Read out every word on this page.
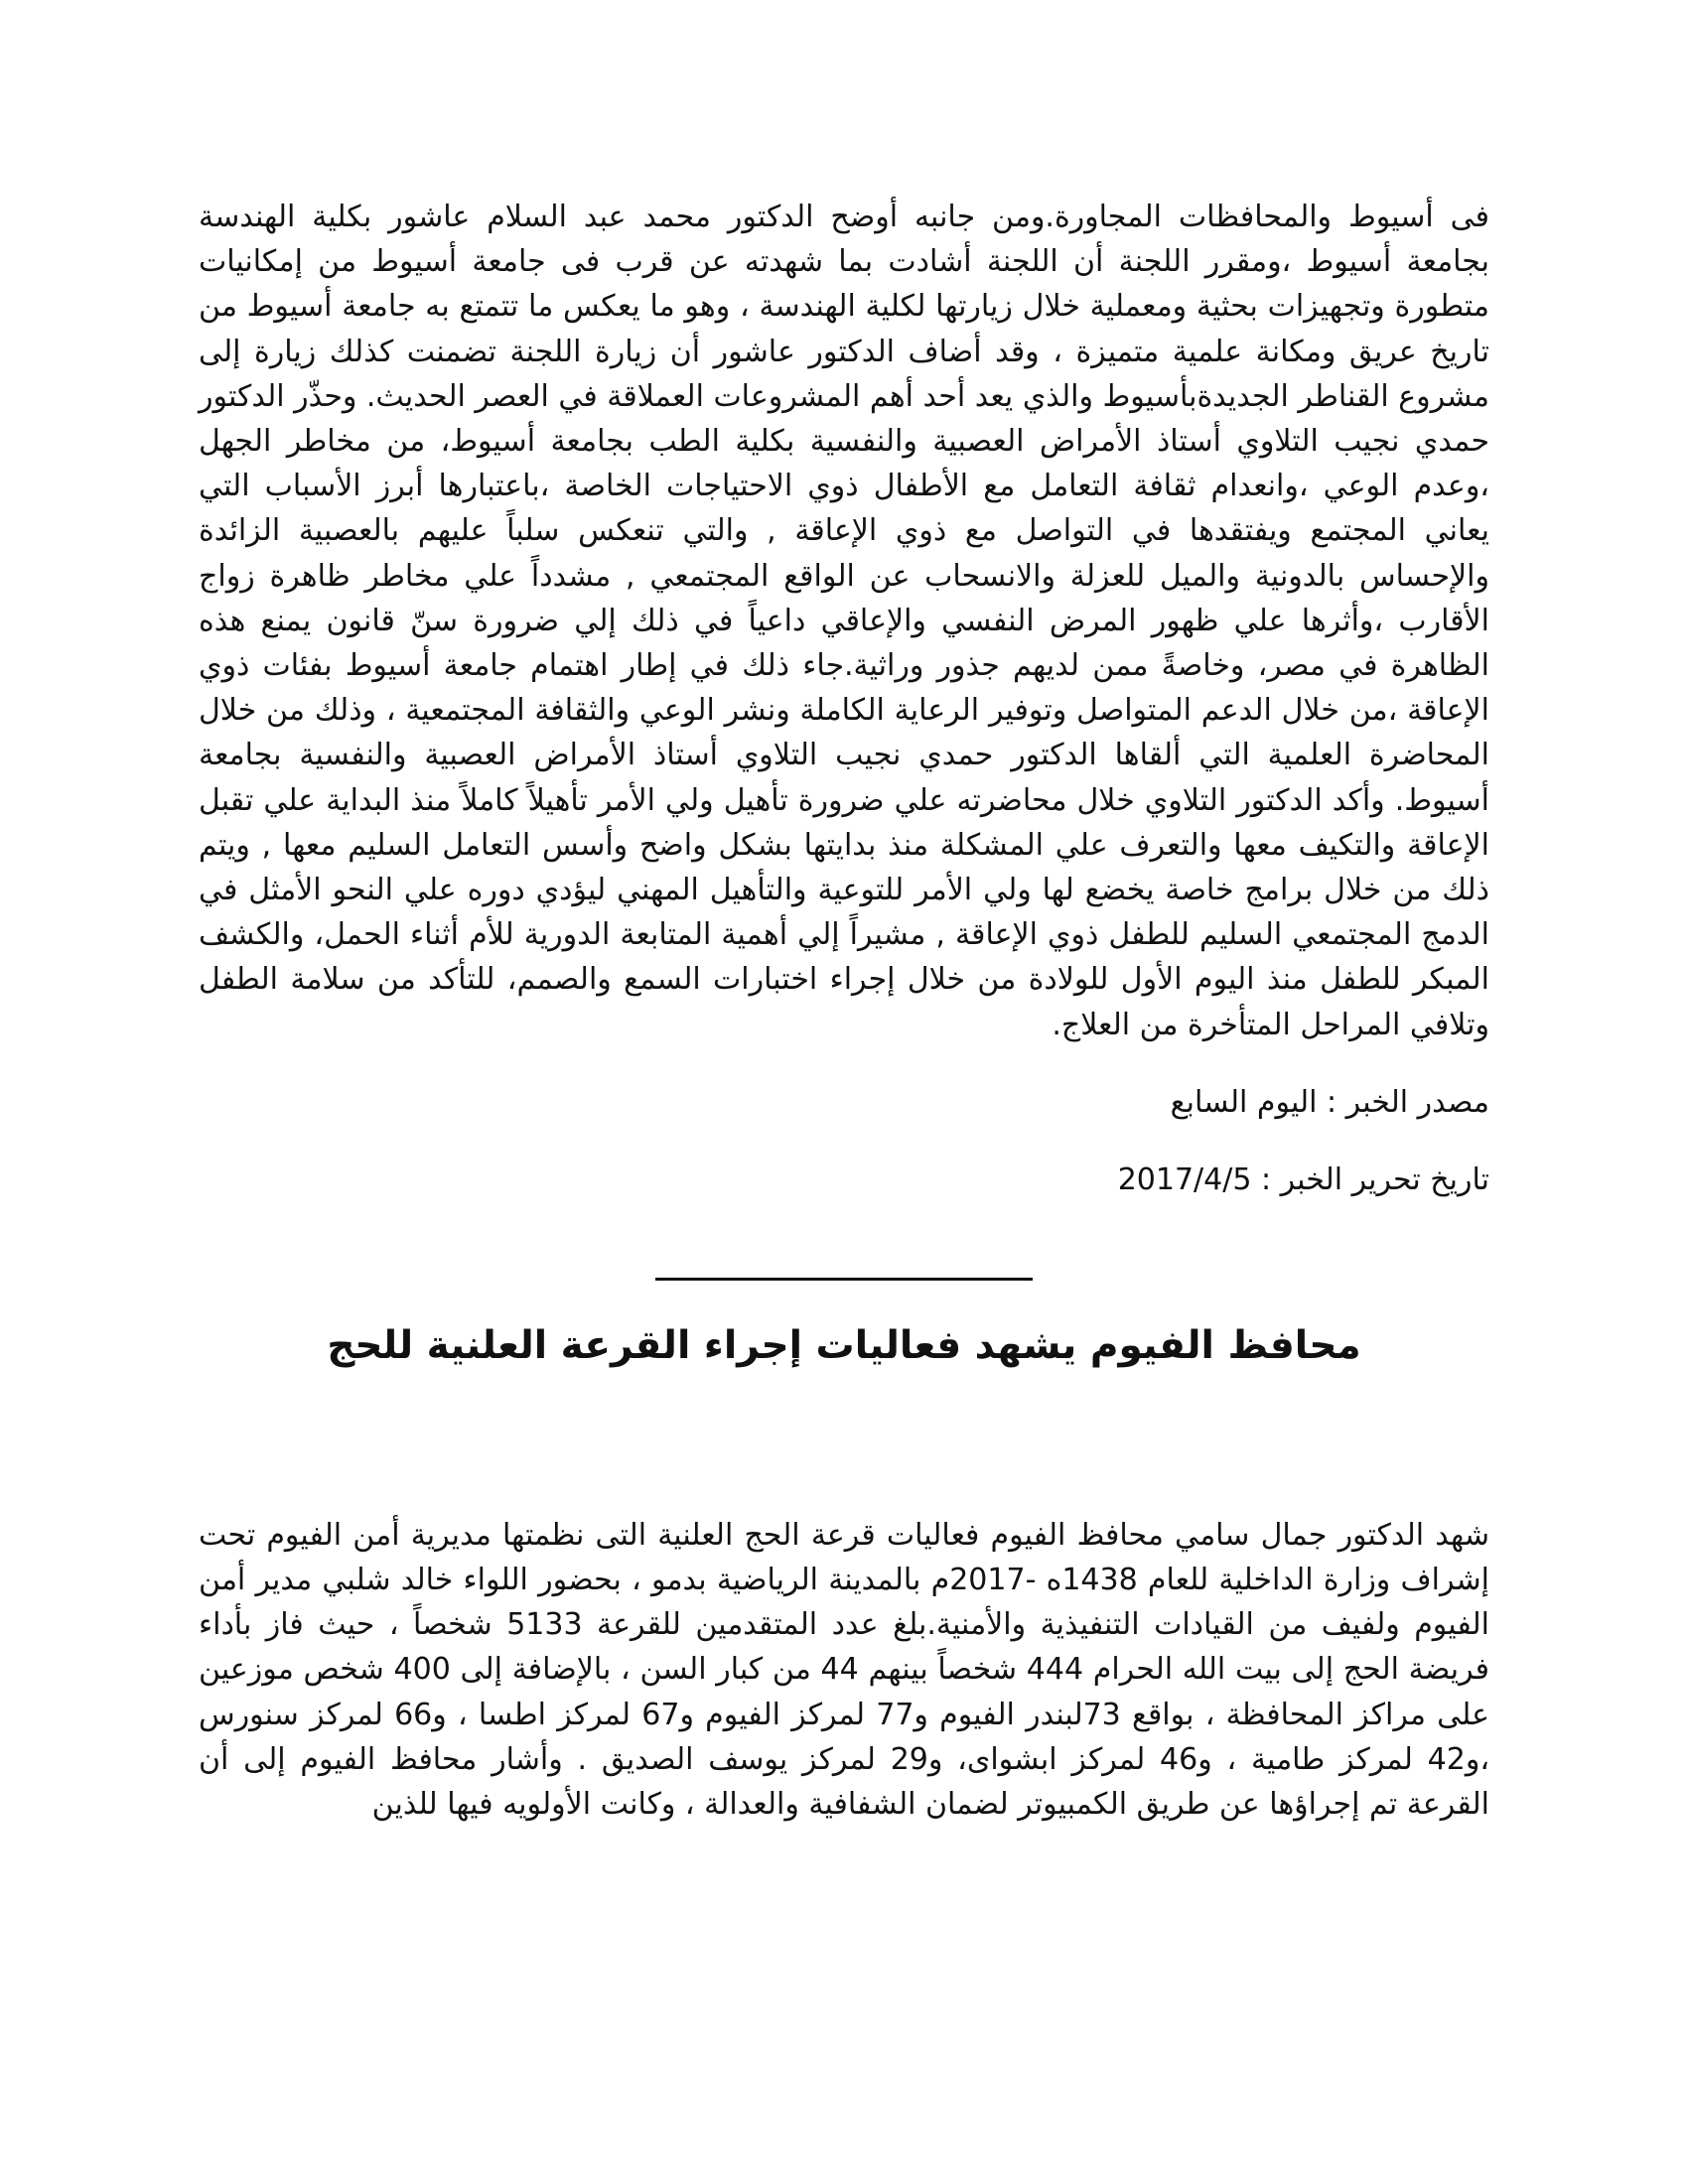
فى أسيوط والمحافظات المجاورة.ومن جانبه أوضح الدكتور محمد عبد السلام عاشور بكلية الهندسة بجامعة أسيوط ،ومقرر اللجنة أن اللجنة أشادت بما شهدته عن قرب فى جامعة أسيوط من إمكانيات متطورة وتجهيزات بحثية ومعملية خلال زيارتها لكلية الهندسة ، وهو ما يعكس ما تتمتع به جامعة أسيوط من تاريخ عريق ومكانة علمية متميزة ، وقد أضاف الدكتور عاشور أن زيارة اللجنة تضمنت كذلك زيارة إلى مشروع القناطر الجديدةبأسيوط والذي يعد أحد أهم المشروعات العملاقة في العصر الحديث. وحذّر الدكتور حمدي نجيب التلاوي أستاذ الأمراض العصبية والنفسية بكلية الطب بجامعة أسيوط، من مخاطر الجهل ،وعدم الوعي ،وانعدام ثقافة التعامل مع الأطفال ذوي الاحتياجات الخاصة ،باعتبارها أبرز الأسباب التي يعاني المجتمع ويفتقدها في التواصل مع ذوي الإعاقة , والتي تنعكس سلباً عليهم بالعصبية الزائدة والإحساس بالدونية والميل للعزلة والانسحاب عن الواقع المجتمعي , مشدداً علي مخاطر ظاهرة زواج الأقارب ،وأثرها علي ظهور المرض النفسي والإعاقي داعياً في ذلك إلي ضرورة سنّ قانون يمنع هذه الظاهرة في مصر، وخاصةً ممن لديهم جذور وراثية.جاء ذلك في إطار اهتمام جامعة أسيوط بفئات ذوي الإعاقة ،من خلال الدعم المتواصل وتوفير الرعاية الكاملة ونشر الوعي والثقافة المجتمعية ، وذلك من خلال المحاضرة العلمية التي ألقاها الدكتور حمدي نجيب التلاوي أستاذ الأمراض العصبية والنفسية بجامعة أسيوط. وأكد الدكتور التلاوي خلال محاضرته علي ضرورة تأهيل ولي الأمر تأهيلاً كاملاً منذ البداية علي تقبل الإعاقة والتكيف معها والتعرف علي المشكلة منذ بدايتها بشكل واضح وأسس التعامل السليم معها , ويتم ذلك من خلال برامج خاصة يخضع لها ولي الأمر للتوعية والتأهيل المهني ليؤدي دوره علي النحو الأمثل في الدمج المجتمعي السليم للطفل ذوي الإعاقة , مشيراً إلي أهمية المتابعة الدورية للأم أثناء الحمل، والكشف المبكر للطفل منذ اليوم الأول للولادة من خلال إجراء اختبارات السمع والصمم، للتأكد من سلامة الطفل وتلافي المراحل المتأخرة من العلاج.

مصدر الخبر : اليوم السابع

تاريخ تحرير الخبر : 2017/4/5

محافظ الفيوم يشهد فعاليات إجراء القرعة العلنية للحج

شهد الدكتور جمال سامي محافظ الفيوم فعاليات قرعة الحج العلنية التى نظمتها مديرية أمن الفيوم تحت إشراف وزارة الداخلية للعام 1438ه -2017م بالمدينة الرياضية بدمو ، بحضور اللواء خالد شلبي مدير أمن الفيوم ولفيف من القيادات التنفيذية والأمنية.بلغ عدد المتقدمين للقرعة 5133 شخصاً ، حيث فاز بأداء فريضة الحج إلى بيت الله الحرام 444 شخصاً بينهم 44 من كبار السن ، بالإضافة إلى 400 شخص موزعين على مراكز المحافظة ، بواقع 73لبندر الفيوم و77 لمركز الفيوم و67 لمركز اطسا ، و66 لمركز سنورس ،و42 لمركز طامية ، و46 لمركز ابشواى، و29 لمركز يوسف الصديق . وأشار محافظ الفيوم إلى أن القرعة تم إجراؤها عن طريق الكمبيوتر لضمان الشفافية والعدالة ، وكانت الأولويه فيها للذين
